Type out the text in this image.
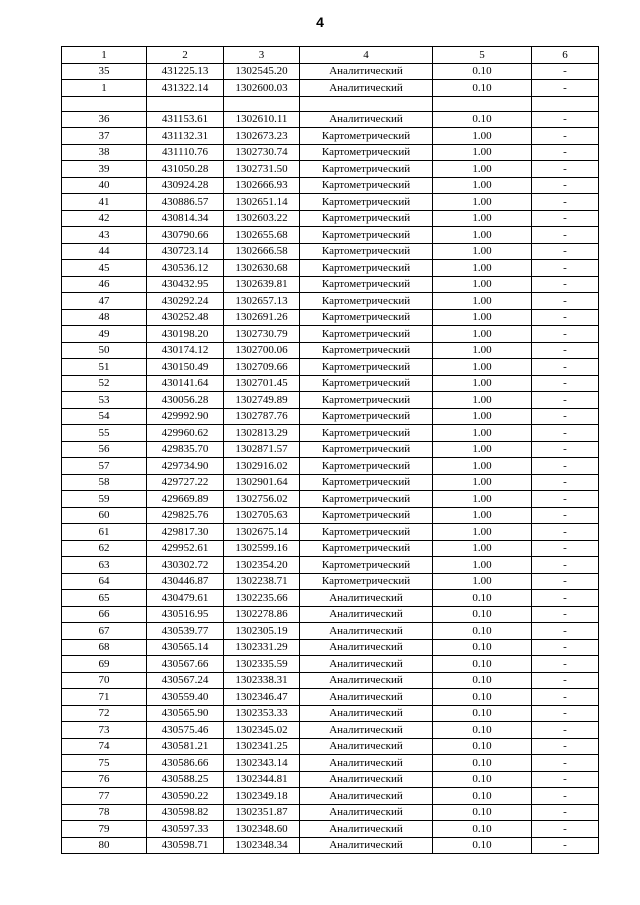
4
1	2	3	4	5	6
35	431225.13	1302545.20	Аналитический	0.10	-
1	431322.14	1302600.03	Аналитический	0.10	-

36	431153.61	1302610.11	Аналитический	0.10	-
37	431132.31	1302673.23	Картометрический	1.00	-
38	431110.76	1302730.74	Картометрический	1.00	-
39	431050.28	1302731.50	Картометрический	1.00	-
40	430924.28	1302666.93	Картометрический	1.00	-
41	430886.57	1302651.14	Картометрический	1.00	-
42	430814.34	1302603.22	Картометрический	1.00	-
43	430790.66	1302655.68	Картометрический	1.00	-
44	430723.14	1302666.58	Картометрический	1.00	-
45	430536.12	1302630.68	Картометрический	1.00	-
46	430432.95	1302639.81	Картометрический	1.00	-
47	430292.24	1302657.13	Картометрический	1.00	-
48	430252.48	1302691.26	Картометрический	1.00	-
49	430198.20	1302730.79	Картометрический	1.00	-
50	430174.12	1302700.06	Картометрический	1.00	-
51	430150.49	1302709.66	Картометрический	1.00	-
52	430141.64	1302701.45	Картометрический	1.00	-
53	430056.28	1302749.89	Картометрический	1.00	-
54	429992.90	1302787.76	Картометрический	1.00	-
55	429960.62	1302813.29	Картометрический	1.00	-
56	429835.70	1302871.57	Картометрический	1.00	-
57	429734.90	1302916.02	Картометрический	1.00	-
58	429727.22	1302901.64	Картометрический	1.00	-
59	429669.89	1302756.02	Картометрический	1.00	-
60	429825.76	1302705.63	Картометрический	1.00	-
61	429817.30	1302675.14	Картометрический	1.00	-
62	429952.61	1302599.16	Картометрический	1.00	-
63	430302.72	1302354.20	Картометрический	1.00	-
64	430446.87	1302238.71	Картометрический	1.00	-
65	430479.61	1302235.66	Аналитический	0.10	-
66	430516.95	1302278.86	Аналитический	0.10	-
67	430539.77	1302305.19	Аналитический	0.10	-
68	430565.14	1302331.29	Аналитический	0.10	-
69	430567.66	1302335.59	Аналитический	0.10	-
70	430567.24	1302338.31	Аналитический	0.10	-
71	430559.40	1302346.47	Аналитический	0.10	-
72	430565.90	1302353.33	Аналитический	0.10	-
73	430575.46	1302345.02	Аналитический	0.10	-
74	430581.21	1302341.25	Аналитический	0.10	-
75	430586.66	1302343.14	Аналитический	0.10	-
76	430588.25	1302344.81	Аналитический	0.10	-
77	430590.22	1302349.18	Аналитический	0.10	-
78	430598.82	1302351.87	Аналитический	0.10	-
79	430597.33	1302348.60	Аналитический	0.10	-
80	430598.71	1302348.34	Аналитический	0.10	-
